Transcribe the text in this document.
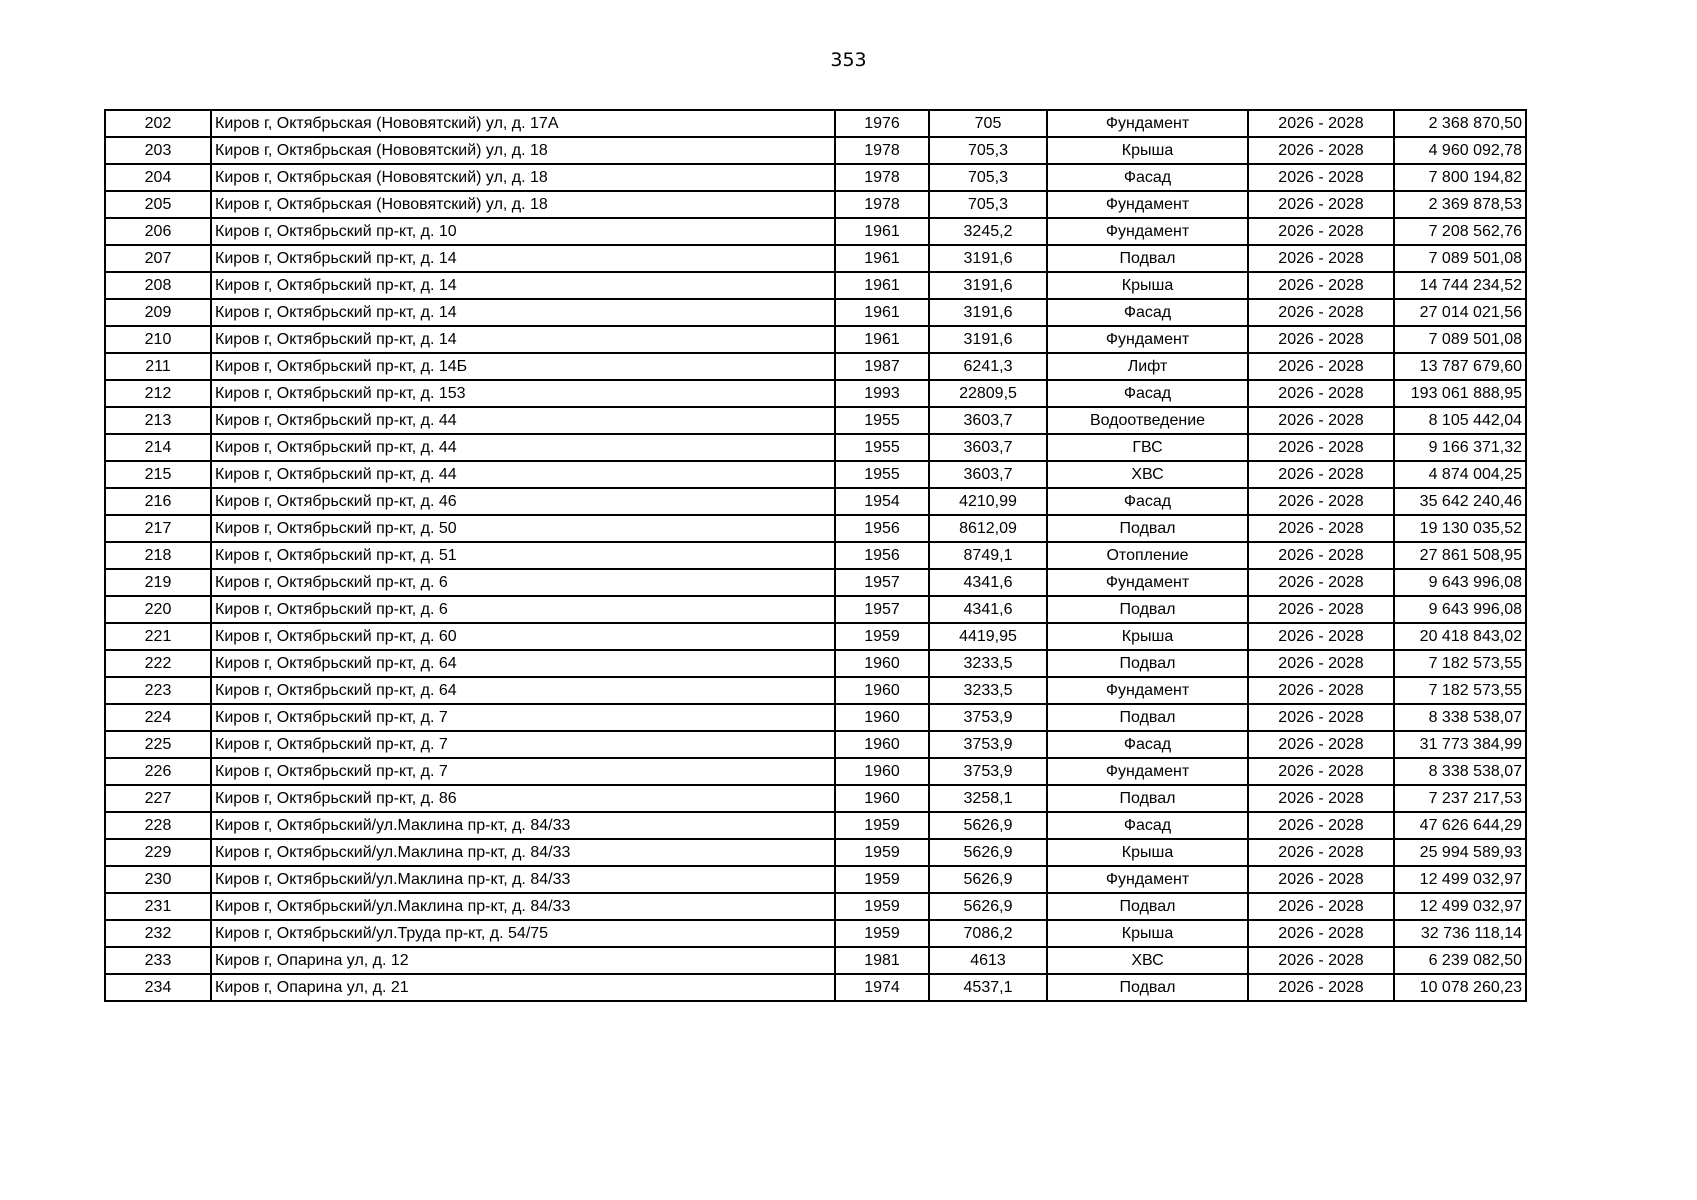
353
202	Киров г, Октябрьская (Нововятский) ул, д. 17А	1976	705	Фундамент	2026 - 2028	2 368 870,50
203	Киров г, Октябрьская (Нововятский) ул, д. 18	1978	705,3	Крыша	2026 - 2028	4 960 092,78
204	Киров г, Октябрьская (Нововятский) ул, д. 18	1978	705,3	Фасад	2026 - 2028	7 800 194,82
205	Киров г, Октябрьская (Нововятский) ул, д. 18	1978	705,3	Фундамент	2026 - 2028	2 369 878,53
206	Киров г, Октябрьский пр-кт, д. 10	1961	3245,2	Фундамент	2026 - 2028	7 208 562,76
207	Киров г, Октябрьский пр-кт, д. 14	1961	3191,6	Подвал	2026 - 2028	7 089 501,08
208	Киров г, Октябрьский пр-кт, д. 14	1961	3191,6	Крыша	2026 - 2028	14 744 234,52
209	Киров г, Октябрьский пр-кт, д. 14	1961	3191,6	Фасад	2026 - 2028	27 014 021,56
210	Киров г, Октябрьский пр-кт, д. 14	1961	3191,6	Фундамент	2026 - 2028	7 089 501,08
211	Киров г, Октябрьский пр-кт, д. 14Б	1987	6241,3	Лифт	2026 - 2028	13 787 679,60
212	Киров г, Октябрьский пр-кт, д. 153	1993	22809,5	Фасад	2026 - 2028	193 061 888,95
213	Киров г, Октябрьский пр-кт, д. 44	1955	3603,7	Водоотведение	2026 - 2028	8 105 442,04
214	Киров г, Октябрьский пр-кт, д. 44	1955	3603,7	ГВС	2026 - 2028	9 166 371,32
215	Киров г, Октябрьский пр-кт, д. 44	1955	3603,7	ХВС	2026 - 2028	4 874 004,25
216	Киров г, Октябрьский пр-кт, д. 46	1954	4210,99	Фасад	2026 - 2028	35 642 240,46
217	Киров г, Октябрьский пр-кт, д. 50	1956	8612,09	Подвал	2026 - 2028	19 130 035,52
218	Киров г, Октябрьский пр-кт, д. 51	1956	8749,1	Отопление	2026 - 2028	27 861 508,95
219	Киров г, Октябрьский пр-кт, д. 6	1957	4341,6	Фундамент	2026 - 2028	9 643 996,08
220	Киров г, Октябрьский пр-кт, д. 6	1957	4341,6	Подвал	2026 - 2028	9 643 996,08
221	Киров г, Октябрьский пр-кт, д. 60	1959	4419,95	Крыша	2026 - 2028	20 418 843,02
222	Киров г, Октябрьский пр-кт, д. 64	1960	3233,5	Подвал	2026 - 2028	7 182 573,55
223	Киров г, Октябрьский пр-кт, д. 64	1960	3233,5	Фундамент	2026 - 2028	7 182 573,55
224	Киров г, Октябрьский пр-кт, д. 7	1960	3753,9	Подвал	2026 - 2028	8 338 538,07
225	Киров г, Октябрьский пр-кт, д. 7	1960	3753,9	Фасад	2026 - 2028	31 773 384,99
226	Киров г, Октябрьский пр-кт, д. 7	1960	3753,9	Фундамент	2026 - 2028	8 338 538,07
227	Киров г, Октябрьский пр-кт, д. 86	1960	3258,1	Подвал	2026 - 2028	7 237 217,53
228	Киров г, Октябрьский/ул.Маклина пр-кт, д. 84/33	1959	5626,9	Фасад	2026 - 2028	47 626 644,29
229	Киров г, Октябрьский/ул.Маклина пр-кт, д. 84/33	1959	5626,9	Крыша	2026 - 2028	25 994 589,93
230	Киров г, Октябрьский/ул.Маклина пр-кт, д. 84/33	1959	5626,9	Фундамент	2026 - 2028	12 499 032,97
231	Киров г, Октябрьский/ул.Маклина пр-кт, д. 84/33	1959	5626,9	Подвал	2026 - 2028	12 499 032,97
232	Киров г, Октябрьский/ул.Труда пр-кт, д. 54/75	1959	7086,2	Крыша	2026 - 2028	32 736 118,14
233	Киров г, Опарина ул, д. 12	1981	4613	ХВС	2026 - 2028	6 239 082,50
234	Киров г, Опарина ул, д. 21	1974	4537,1	Подвал	2026 - 2028	10 078 260,23
